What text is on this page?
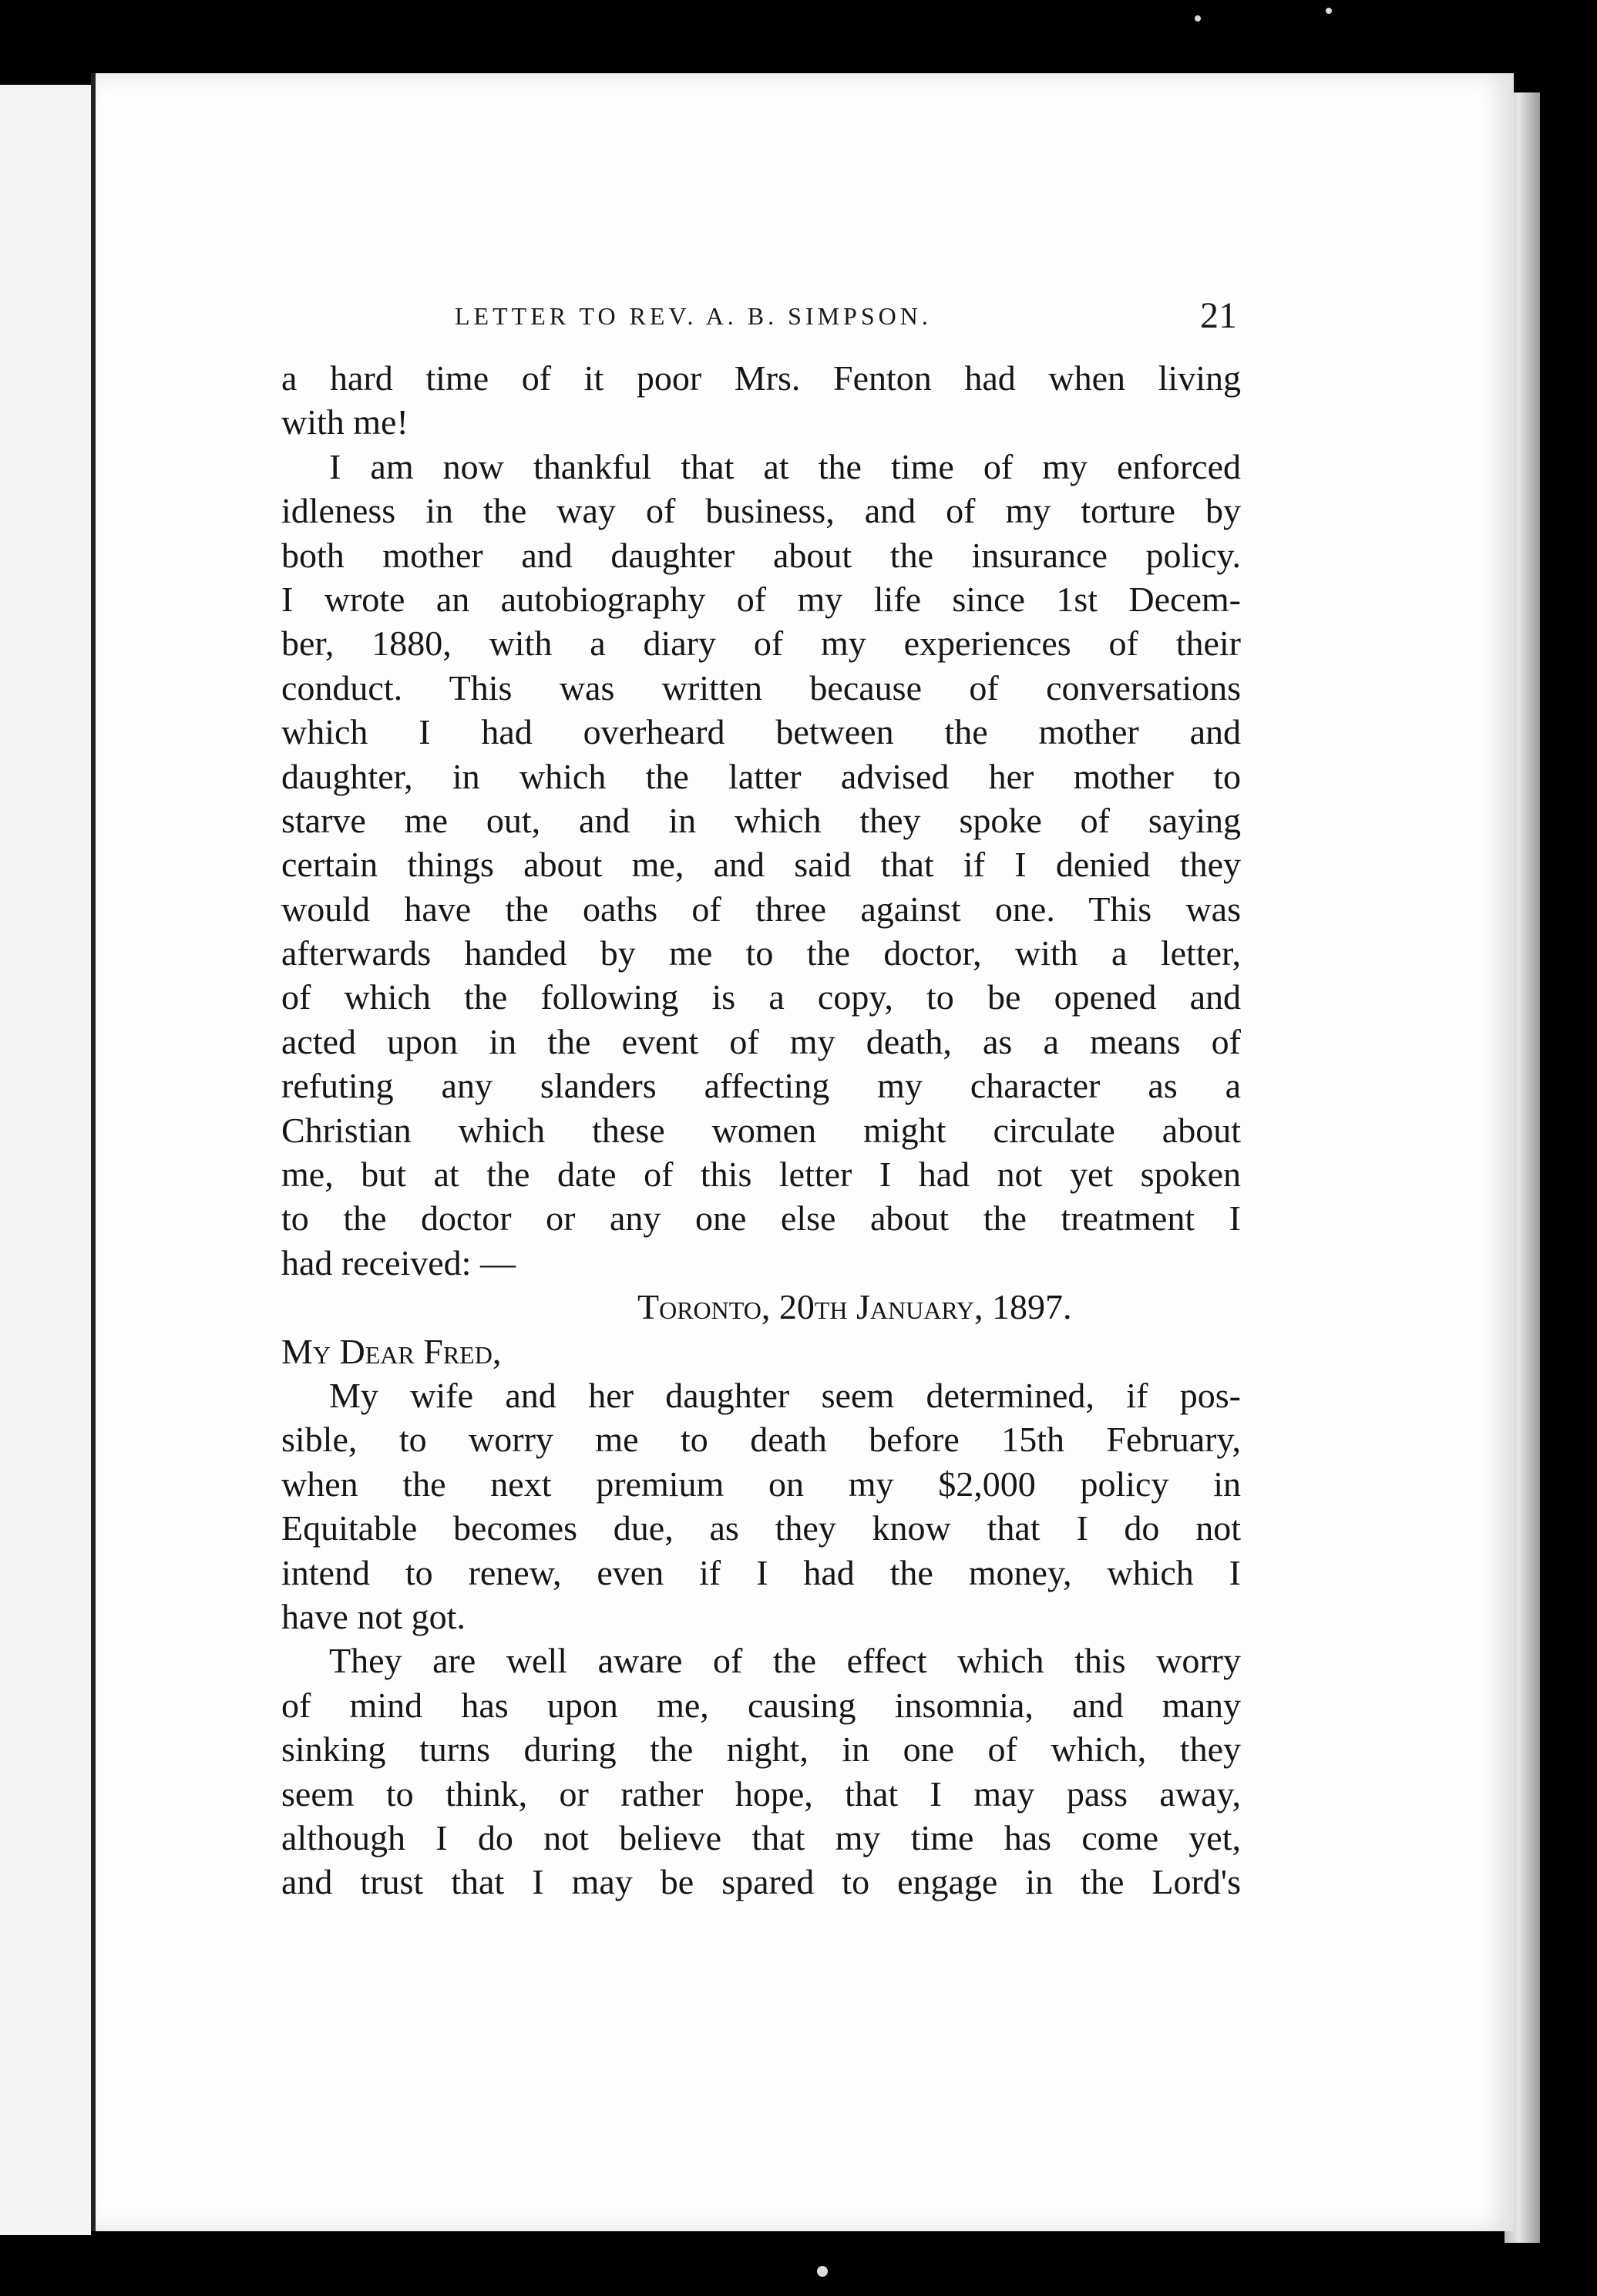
LETTER TO REV. A. B. SIMPSON.	21
a hard time of it poor Mrs. Fenton had when living
with me!
I am now thankful that at the time of my enforced
idleness in the way of business, and of my torture by
both mother and daughter about the insurance policy.
I wrote an autobiography of my life since 1st Decem-
ber, 1880, with a diary of my experiences of their
conduct. This was written because of conversations
which I had overheard between the mother and
daughter, in which the latter advised her mother to
starve me out, and in which they spoke of saying
certain things about me, and said that if I denied they
would have the oaths of three against one. This was
afterwards handed by me to the doctor, with a letter,
of which the following is a copy, to be opened and
acted upon in the event of my death, as a means of
refuting any slanders affecting my character as a
Christian which these women might circulate about
me, but at the date of this letter I had not yet spoken
to the doctor or any one else about the treatment I
had received: —
Toronto, 20th January, 1897.
My Dear Fred,
My wife and her daughter seem determined, if pos-
sible, to worry me to death before 15th February,
when the next premium on my $2,000 policy in
Equitable becomes due, as they know that I do not
intend to renew, even if I had the money, which I
have not got.
They are well aware of the effect which this worry
of mind has upon me, causing insomnia, and many
sinking turns during the night, in one of which, they
seem to think, or rather hope, that I may pass away,
although I do not believe that my time has come yet,
and trust that I may be spared to engage in the Lord's
